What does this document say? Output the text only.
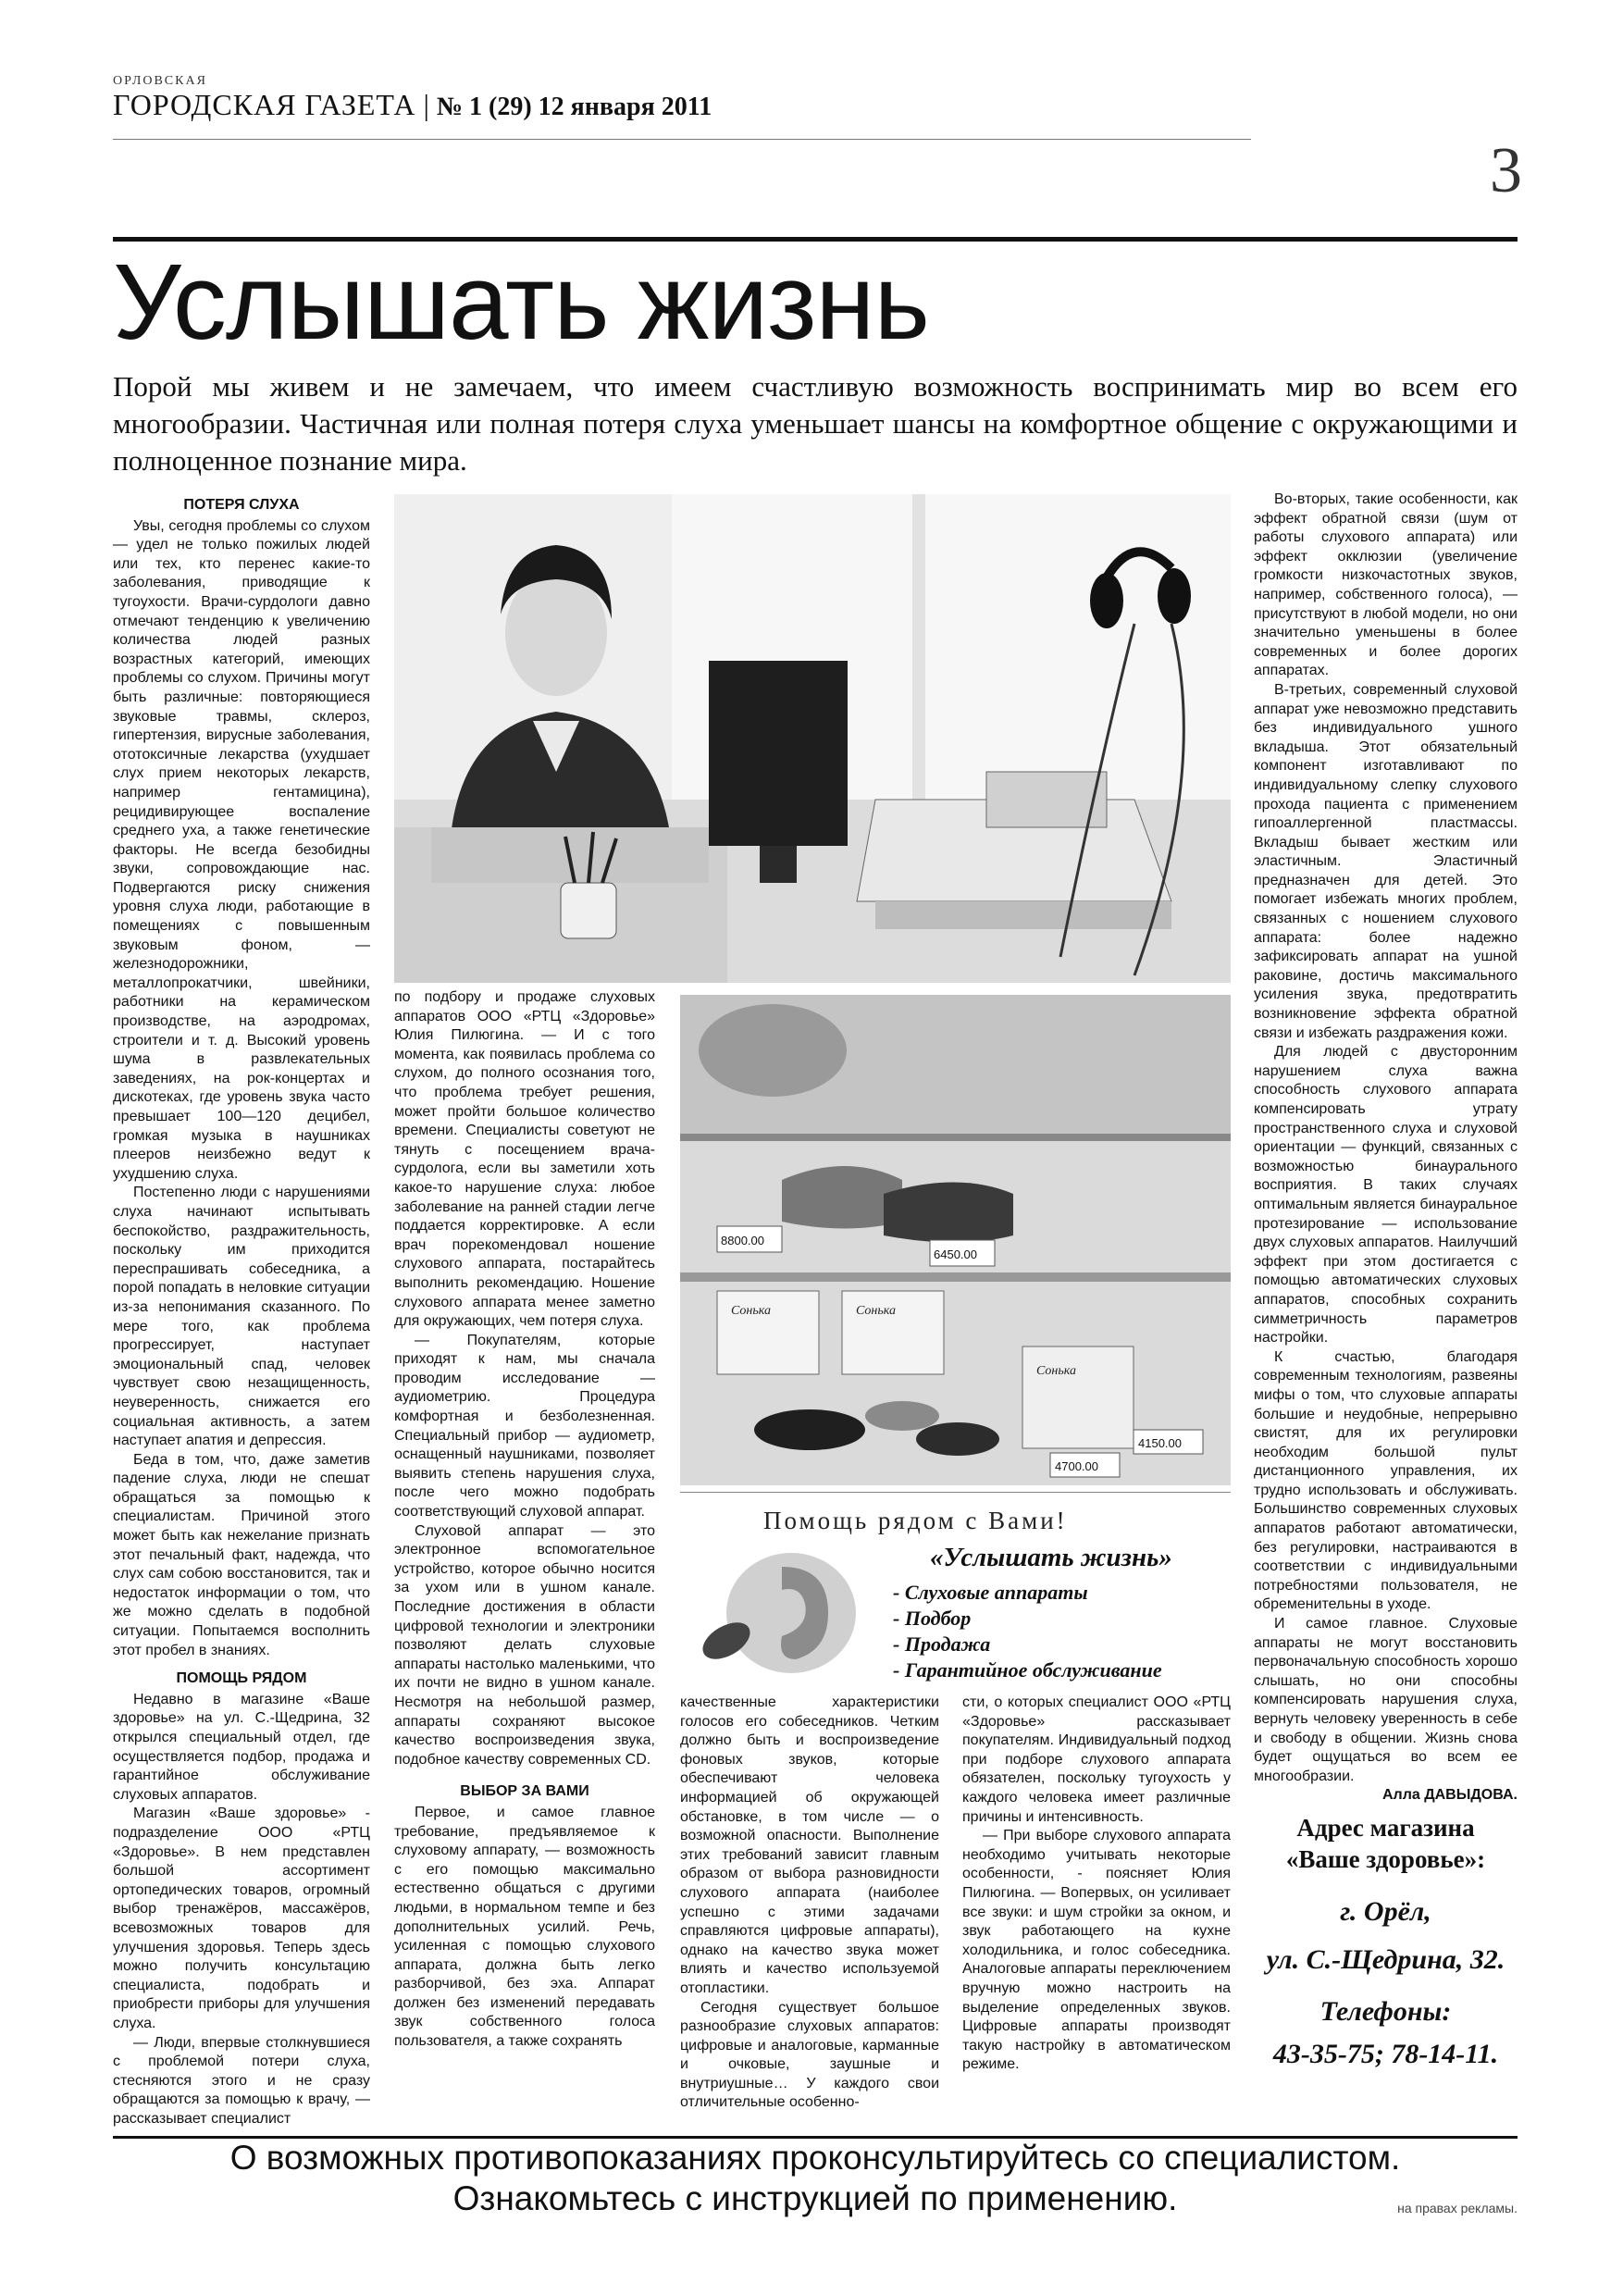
ОРЛОВСКАЯ
ГОРОДСКАЯ ГАЗЕТА | № 1 (29) 12 января 2011
3
Услышать жизнь
Порой мы живем и не замечаем, что имеем счастливую возможность воспринимать мир во всем его многообразии. Частичная или полная потеря слуха уменьшает шансы на комфортное общение с окружающими и полноценное познание мира.
ПОТЕРЯ СЛУХА

Увы, сегодня проблемы со слухом — удел не только пожилых людей или тех, кто перенес какие-то заболевания, приводящие к тугоухости. Врачи-сурдологи давно отмечают тенденцию к увеличению количества людей разных возрастных категорий, имеющих проблемы со слухом. Причины могут быть различные: повторяющиеся звуковые травмы, склероз, гипертензия, вирусные заболевания, ототоксичные лекарства (ухудшает слух прием некоторых лекарств, например гентамицина), рецидивирующее воспаление среднего уха, а также генетические факторы. Не всегда безобидны звуки, сопровождающие нас. Подвергаются риску снижения уровня слуха люди, работающие в помещениях с повышенным звуковым фоном, — железнодорожники, металлопрокатчики, швейники, работники на керамическом производстве, на аэродромах, строители и т. д. Высокий уровень шума в развлекательных заведениях, на рок-концертах и дискотеках, где уровень звука часто превышает 100—120 децибел, громкая музыка в наушниках плееров неизбежно ведут к ухудшению слуха.

Постепенно люди с нарушениями слуха начинают испытывать беспокойство, раздражительность, поскольку им приходится переспрашивать собеседника, а порой попадать в неловкие ситуации из-за непонимания сказанного. По мере того, как проблема прогрессирует, наступает эмоциональный спад, человек чувствует свою незащищенность, неуверенность, снижается его социальная активность, а затем наступает апатия и депрессия.

Беда в том, что, даже заметив падение слуха, люди не спешат обращаться за помощью к специалистам. Причиной этого может быть как нежелание признать этот печальный факт, надежда, что слух сам собою восстановится, так и недостаток информации о том, что же можно сделать в подобной ситуации. Попытаемся восполнить этот пробел в знаниях.

ПОМОЩЬ РЯДОМ

Недавно в магазине «Ваше здоровье» на ул. С.-Щедрина, 32 открылся специальный отдел, где осуществляется подбор, продажа и гарантийное обслуживание слуховых аппаратов.

Магазин «Ваше здоровье» - подразделение ООО «РТЦ «Здоровье». В нем представлен большой ассортимент ортопедических товаров, огромный выбор тренажёров, массажёров, всевозможных товаров для улучшения здоровья. Теперь здесь можно получить консультацию специалиста, подобрать и приобрести приборы для улучшения слуха.

— Люди, впервые столкнувшиеся с проблемой потери слуха, стесняются этого и не сразу обращаются за помощью к врачу, — рассказывает специалист

по подбору и продаже слуховых аппаратов ООО «РТЦ «Здоровье» Юлия Пилюгина. — И с того момента, как появилась проблема со слухом, до полного осознания того, что проблема требует решения, может пройти большое количество времени. Специалисты советуют не тянуть с посещением врача-сурдолога, если вы заметили хоть какое-то нарушение слуха: любое заболевание на ранней стадии легче поддается корректировке. А если врач порекомендовал ношение слухового аппарата, постарайтесь выполнить рекомендацию. Ношение слухового аппарата менее заметно для окружающих, чем потеря слуха.

— Покупателям, которые приходят к нам, мы сначала проводим исследование — аудиометрию. Процедура комфортная и безболезненная. Специальный прибор — аудиометр, оснащенный наушниками, позволяет выявить степень нарушения слуха, после чего можно подобрать соответствующий слуховой аппарат.

Слуховой аппарат — это электронное вспомогательное устройство, которое обычно носится за ухом или в ушном канале. Последние достижения в области цифровой технологии и электроники позволяют делать слуховые аппараты настолько маленькими, что их почти не видно в ушном канале. Несмотря на небольшой размер, аппараты сохраняют высокое качество воспроизведения звука, подобное качеству современных CD.

ВЫБОР ЗА ВАМИ

Первое, и самое главное требование, предъявляемое к слуховому аппарату, — возможность с его помощью максимально естественно общаться с другими людьми, в нормальном темпе и без дополнительных усилий. Речь, усиленная с помощью слухового аппарата, должна быть легко разборчивой, без эха. Аппарат должен без изменений передавать звук собственного голоса пользователя, а также сохранять

8800.00
6450.00
Сонька	Сонька
Сонька
4700.00
4150.00
Помощь рядом с Вами!
«Услышать жизнь»
- Слуховые аппараты
- Подбор
- Продажа
- Гарантийное обслуживание

качественные характеристики голосов его собеседников. Четким должно быть и воспроизведение фоновых звуков, которые обеспечивают человека информацией об окружающей обстановке, в том числе — о возможной опасности. Выполнение этих требований зависит главным образом от выбора разновидности слухового аппарата (наиболее успешно с этими задачами справляются цифровые аппараты), однако на качество звука может влиять и качество используемой отопластики.

Сегодня существует большое разнообразие слуховых аппаратов: цифровые и аналоговые, карманные и очковые, заушные и внутриушные… У каждого свои отличительные особенно-

сти, о которых специалист ООО «РТЦ «Здоровье» рассказывает покупателям. Индивидуальный подход при подборе слухового аппарата обязателен, поскольку тугоухость у каждого человека имеет различные причины и интенсивность.

— При выборе слухового аппарата необходимо учитывать некоторые особенности, - поясняет Юлия Пилюгина. — Вопервых, он усиливает все звуки: и шум стройки за окном, и звук работающего на кухне холодильника, и голос собеседника. Аналоговые аппараты переключением вручную можно настроить на выделение определенных звуков. Цифровые аппараты производят такую настройку в автоматическом режиме.

Во-вторых, такие особенности, как эффект обратной связи (шум от работы слухового аппарата) или эффект окклюзии (увеличение громкости низкочастотных звуков, например, собственного голоса), — присутствуют в любой модели, но они значительно уменьшены в более современных и более дорогих аппаратах.

В-третьих, современный слуховой аппарат уже невозможно представить без индивидуального ушного вкладыша. Этот обязательный компонент изготавливают по индивидуальному слепку слухового прохода пациента с применением гипоаллергенной пластмассы. Вкладыш бывает жестким или эластичным. Эластичный предназначен для детей. Это помогает избежать многих проблем, связанных с ношением слухового аппарата: более надежно зафиксировать аппарат на ушной раковине, достичь максимального усиления звука, предотвратить возникновение эффекта обратной связи и избежать раздражения кожи.

Для людей с двусторонним нарушением слуха важна способность слухового аппарата компенсировать утрату пространственного слуха и слуховой ориентации — функций, связанных с возможностью бинаурального восприятия. В таких случаях оптимальным является бинауральное протезирование — использование двух слуховых аппаратов. Наилучший эффект при этом достигается с помощью автоматических слуховых аппаратов, способных сохранить симметричность параметров настройки.

К счастью, благодаря современным технологиям, развеяны мифы о том, что слуховые аппараты большие и неудобные, непрерывно свистят, для их регулировки необходим большой пульт дистанционного управления, их трудно использовать и обслуживать. Большинство современных слуховых аппаратов работают автоматически, без регулировки, настраиваются в соответствии с индивидуальными потребностями пользователя, не обременительны в уходе.

И самое главное. Слуховые аппараты не могут восстановить первоначальную способность хорошо слышать, но они способны компенсировать нарушения слуха, вернуть человеку уверенность в себе и свободу в общении. Жизнь снова будет ощущаться во всем ее многообразии.

Алла ДАВЫДОВА.

Адрес магазина
«Ваше здоровье»:
г. Орёл,
ул. С.-Щедрина, 32.
Телефоны:
43-35-75; 78-14-11.
О возможных противопоказаниях проконсультируйтесь со специалистом.
Ознакомьтесь с инструкцией по применению.	на правах рекламы.
